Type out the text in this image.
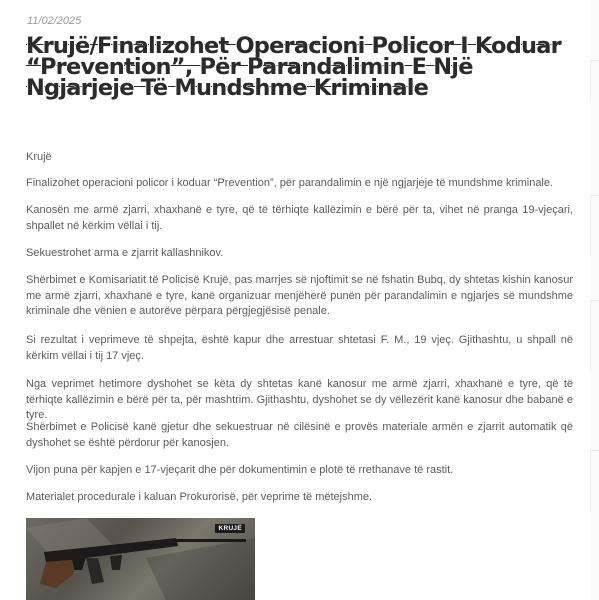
11/02/2025
Krujë/Finalizohet Operacioni Policor I Koduar “Prevention”, Për Parandalimin E Një Ngjarjeje Të Mundshme Kriminale

Krujë

Finalizohet operacioni policor i koduar “Prevention”, për parandalimin e një ngjarjeje të mundshme kriminale.

Kanosën me armë zjarri, xhaxhanë e tyre, që të tërhiqte kallëzimin e bërë për ta, vihet në pranga 19-vjeçari, shpallet në kërkim vëllai i tij.

Sekuestrohet arma e zjarrit kallashnikov.

Shërbimet e Komisariatit të Policisë Krujë, pas marrjes së njoftimit se në fshatin Bubq, dy shtetas kishin kanosur me armë zjarri, xhaxhanë e tyre, kanë organizuar menjëherë punën për parandalimin e ngjarjes së mundshme kriminale dhe vënien e autorëve përpara përgjegjësisë penale.

Si rezultat i veprimeve të shpejta, është kapur dhe arrestuar shtetasi F. M., 19 vjeç. Gjithashtu, u shpall në kërkim vëllai i tij 17 vjeç.

Nga veprimet hetimore dyshohet se këta dy shtetas kanë kanosur me armë zjarri, xhaxhanë e tyre, që të tërhiqte kallëzimin e bërë për ta, për mashtrim. Gjithashtu, dyshohet se dy vëllezërit kanë kanosur dhe babanë e tyre.

Shërbimet e Policisë kanë gjetur dhe sekuestruar në cilësinë e provës materiale armën e zjarrit automatik që dyshohet se është përdorur për kanosjen.

Vijon puna për kapjen e 17-vjeçarit dhe për dokumentimin e plotë të rrethanave të rastit.

Materialet procedurale i kaluan Prokurorisë, për veprime të mëtejshme.

KRUJË
